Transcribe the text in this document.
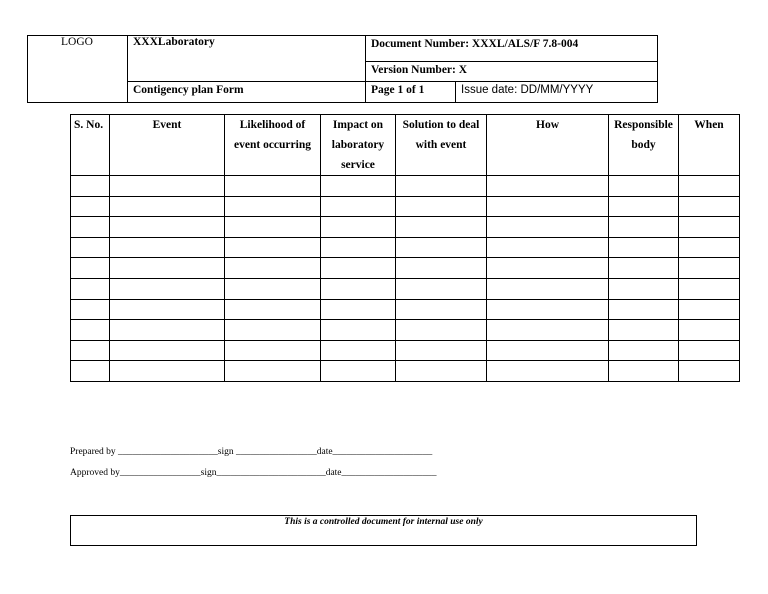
LOGO	XXXLaboratory	Document Number: XXXL/ALS/F 7.8-004	
		Version Number: X	
	Contigency plan Form	Page 1 of 1	Issue date: DD/MM/YYYY
S. No.	Event	Likelihood of event occurring	Impact on laboratory service	Solution to deal with event	How	Responsible body	When

Prepared by _____________________sign _________________date_____________________
Approved by_________________sign_______________________date____________________
This is a controlled document for internal use only
